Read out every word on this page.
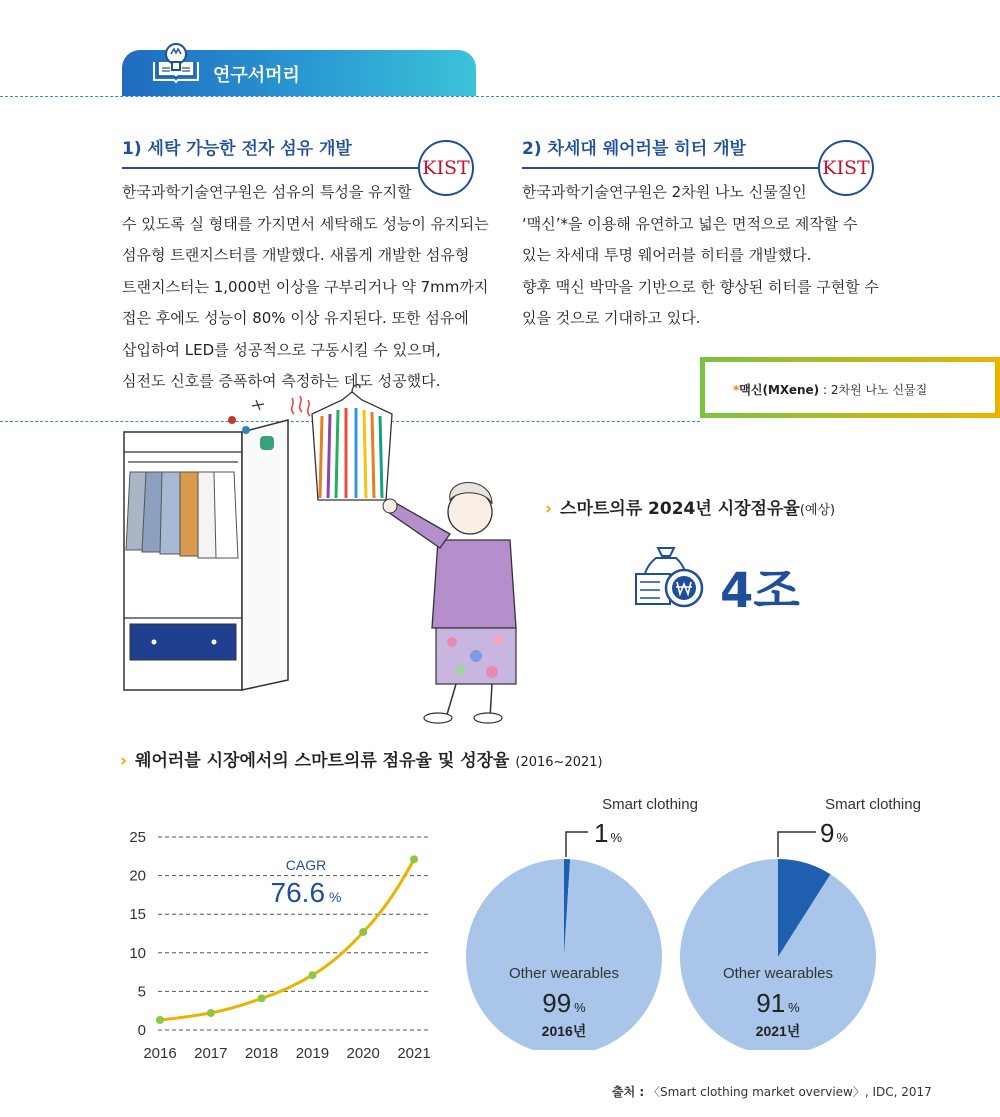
연구서머리
1) 세탁 가능한 전자 섬유 개발
KIST
한국과학기술연구원은 섬유의 특성을 유지할
수 있도록 실 형태를 가지면서 세탁해도 성능이 유지되는
섬유형 트랜지스터를 개발했다. 새롭게 개발한 섬유형
트랜지스터는 1,000번 이상을 구부리거나 약 7mm까지
접은 후에도 성능이 80% 이상 유지된다. 또한 섬유에
삽입하여 LED를 성공적으로 구동시킬 수 있으며,
심전도 신호를 증폭하여 측정하는 데도 성공했다.
2) 차세대 웨어러블 히터 개발
KIST
한국과학기술연구원은 2차원 나노 신물질인
‘맥신’*을 이용해 유연하고 넓은 면적으로 제작할 수
있는 차세대 투명 웨어러블 히터를 개발했다.
향후 맥신 박막을 기반으로 한 향상된 히터를 구현할 수
있을 것으로 기대하고 있다.
*맥신(MXene) : 2차원 나노 신물질
› 스마트의류 2024년 시장점유율(예상)
4조
› 웨어러블 시장에서의 스마트의류 점유율 및 성장율 (2016~2021)
0
5
10
15
20
25
2016 2017 2018 2019 2020 2021
CAGR
76.6 %
Smart clothing
1 %
Other wearables
99 %
2016년
Smart clothing
9 %
Other wearables
91 %
2021년
출처 : 〈Smart clothing market overview〉, IDC, 2017
